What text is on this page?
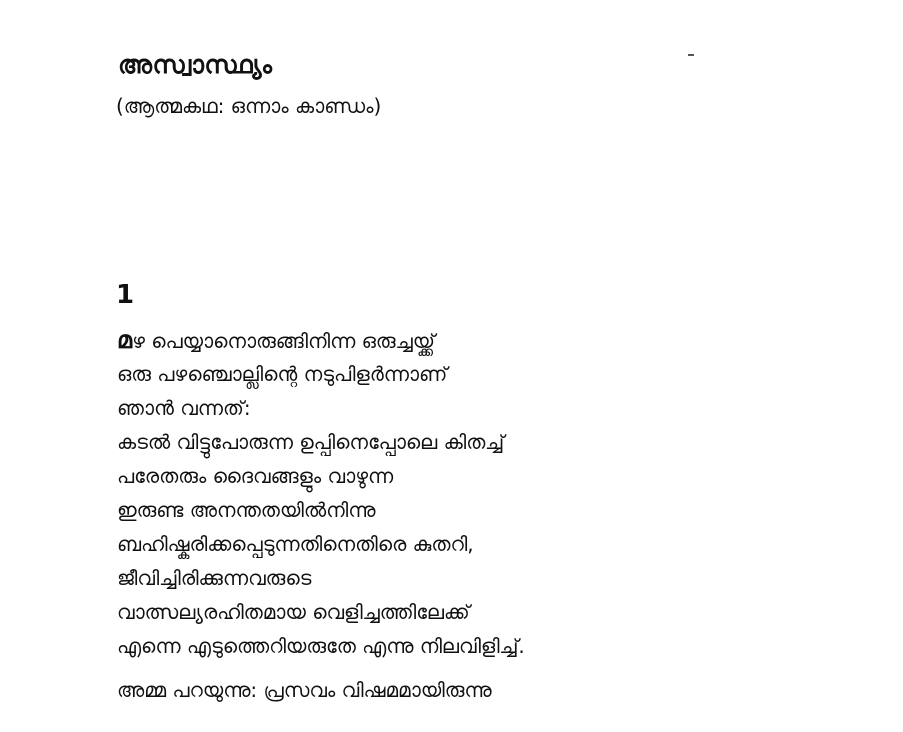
അസ്വാസ്ഥ്യം
(ആത്മകഥ: ഒന്നാം കാണ്ഡം)
1
മഴ പെയ്യാനൊരുങ്ങിനിന്ന ഒരുച്ചയ്ക്ക്
ഒരു പഴഞ്ചൊല്ലിന്റെ നടുപിളർന്നാണ്
ഞാൻ വന്നത്:
കടൽ വിട്ടുപോരുന്ന ഉപ്പിനെപ്പോലെ കിതച്ച്
പരേതരും ദൈവങ്ങളും വാഴുന്ന
ഇരുണ്ട അനന്തതയിൽനിന്നു
ബഹിഷ്കരിക്കപ്പെടുന്നതിനെതിരെ കുതറി,
ജീവിച്ചിരിക്കുന്നവരുടെ
വാത്സല്യരഹിതമായ വെളിച്ചത്തിലേക്ക്
എന്നെ എടുത്തെറിയരുതേ എന്നു നിലവിളിച്ച്.
അമ്മ പറയുന്നു: പ്രസവം വിഷമമായിരുന്നു
